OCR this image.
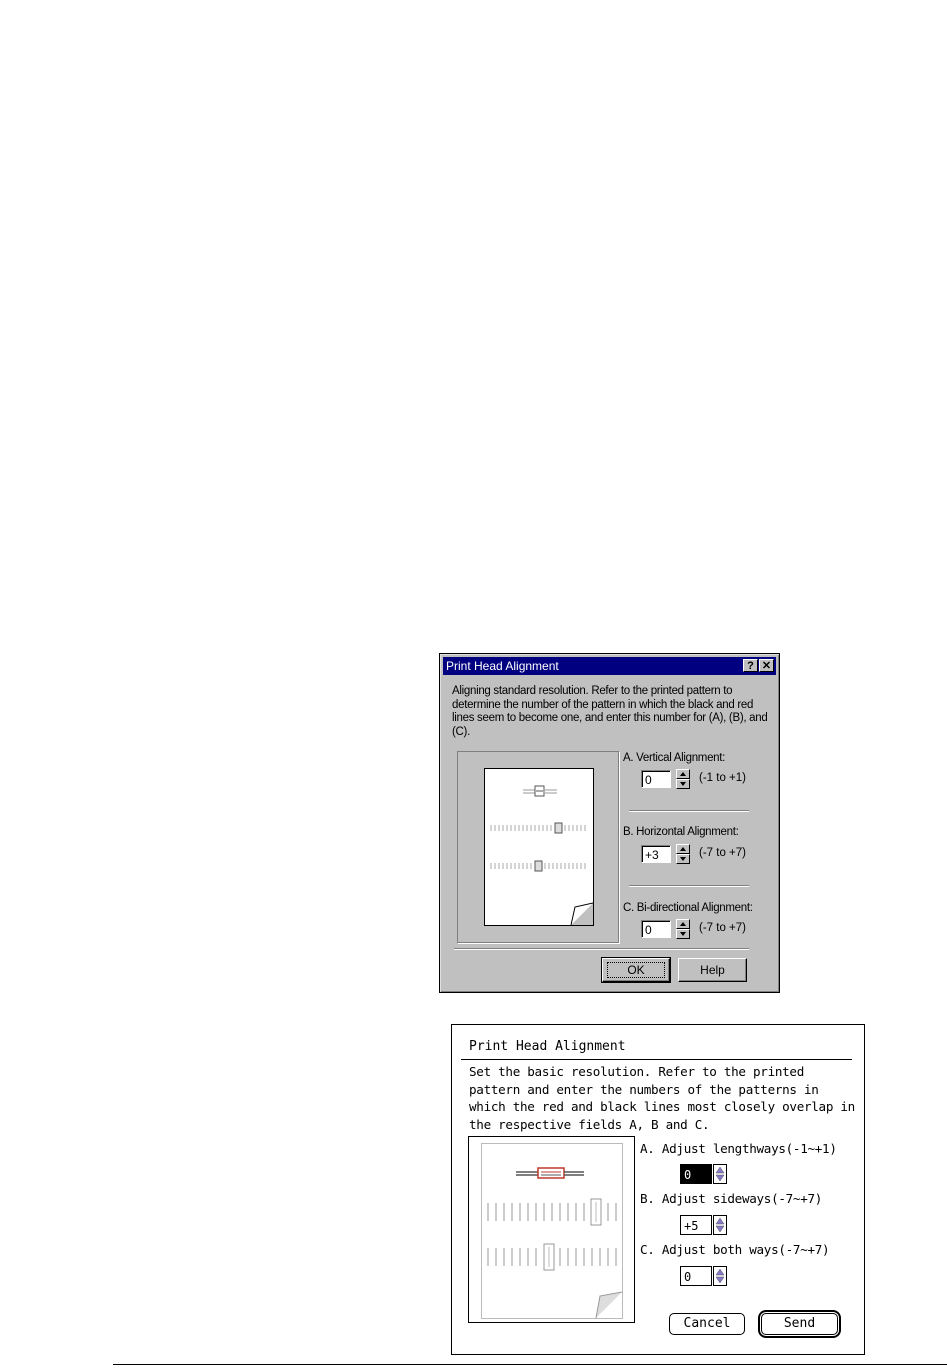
Print Head Alignment	? ✕
Aligning standard resolution. Refer to the printed pattern to determine the number of the pattern in which the black and red lines seem to become one, and enter this number for (A), (B), and (C).
A. Vertical Alignment:
0	(-1 to +1)
B. Horizontal Alignment:
+3	(-7 to +7)
C. Bi-directional Alignment:
0	(-7 to +7)
OK	Help
Print Head Alignment
Set the basic resolution. Refer to the printed pattern and enter the numbers of the patterns in which the red and black lines most closely overlap in the respective fields A, B and C.
A. Adjust lengthways(-1~+1)
0
B. Adjust sideways(-7~+7)
+5
C. Adjust both ways(-7~+7)
0
Cancel	Send
